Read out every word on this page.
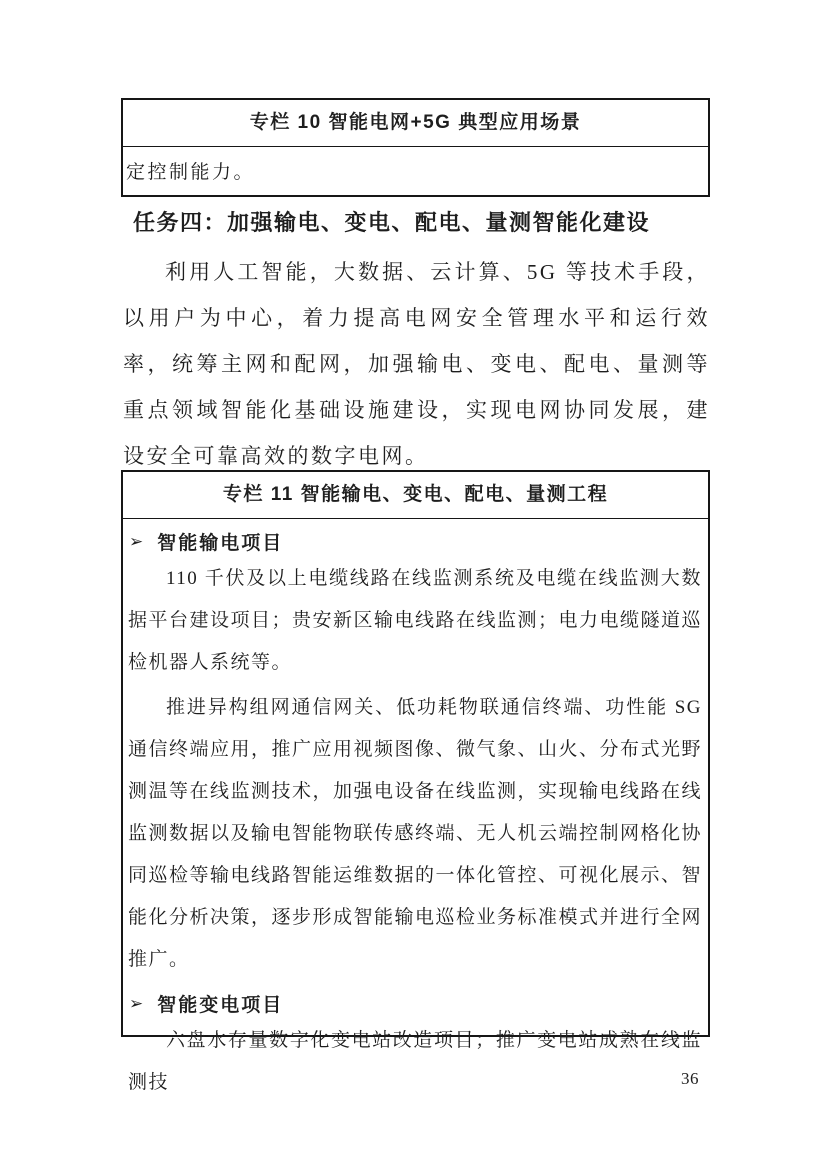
专栏 10 智能电网+5G 典型应用场景
定控制能力。
任务四：加强输电、变电、配电、量测智能化建设
利用人工智能，大数据、云计算、5G 等技术手段，以用户为中心，着力提高电网安全管理水平和运行效率，统筹主网和配网，加强输电、变电、配电、量测等重点领域智能化基础设施建设，实现电网协同发展，建设安全可靠高效的数字电网。
专栏 11 智能输电、变电、配电、量测工程
➢ 智能输电项目
110 千伏及以上电缆线路在线监测系统及电缆在线监测大数据平台建设项目；贵安新区输电线路在线监测；电力电缆隧道巡检机器人系统等。
推进异构组网通信网关、低功耗物联通信终端、功性能 SG 通信终端应用，推广应用视频图像、微气象、山火、分布式光野测温等在线监测技术，加强电设备在线监测，实现输电线路在线监测数据以及输电智能物联传感终端、无人机云端控制网格化协同巡检等输电线路智能运维数据的一体化管控、可视化展示、智能化分析决策，逐步形成智能输电巡检业务标准模式并进行全网推广。
➢ 智能变电项目
六盘水存量数字化变电站改造项目；推广变电站成熟在线监测技	36
